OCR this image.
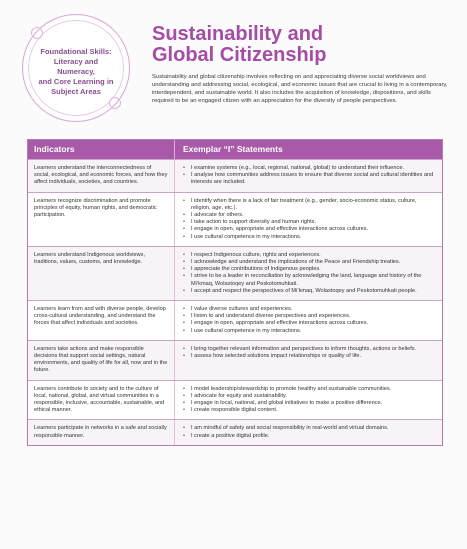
Foundational Skills:
Literacy and Numeracy,
and Core Learning in
Subject Areas
Sustainability and
Global Citizenship
Sustainability and global citizenship involves reflecting on and appreciating diverse social worldviews and understanding and addressing social, ecological, and economic issues that are crucial to living in a contemporary, interdependent, and sustainable world. It also includes the acquisition of knowledge, dispositions, and skills required to be an engaged citizen with an appreciation for the diversity of people perspectives.
Indicators	Exemplar “I” Statements
Learners understand the interconnectedness of social, ecological, and economic forces, and how they affect individuals, societies, and countries.
• I examine systems (e.g., local, regional, national, global) to understand their influence.
• I analyse how communities address issues to ensure that diverse social and cultural identities and interests are included.
Learners recognize discrimination and promote principles of equity, human rights, and democratic participation.
• I identify when there is a lack of fair treatment (e.g., gender, socio-economic status, culture, religion, age, etc.).
• I advocate for others.
• I take action to support diversity and human rights.
• I engage in open, appropriate and effective interactions across cultures.
• I use cultural competence in my interactions.
Learners understand Indigenous worldviews, traditions, values, customs, and knowledge.
• I respect Indigenous culture, rights and experiences.
• I acknowledge and understand the implications of the Peace and Friendship treaties.
• I appreciate the contributions of Indigenous peoples.
• I strive to be a leader in reconciliation by acknowledging the land, language and history of the Mi’kmaq, Wolastoqey and Peskotomuhkati.
• I accept and respect the perspectives of Mi’kmaq, Wolastoqey and Peskotomuhkati people.
Learners learn from and with diverse people, develop cross-cultural understanding, and understand the forces that affect individuals and societies.
• I value diverse cultures and experiences.
• I listen to and understand diverse perspectives and experiences.
• I engage in open, appropriate and effective interactions across cultures.
• I use cultural competence in my interactions.
Learners take actions and make responsible decisions that support social settings, natural environments, and quality of life for all, now and in the future.
• I bring together relevant information and perspectives to inform thoughts, actions or beliefs.
• I assess how selected solutions impact relationships or quality of life.
Learners contribute to society and to the culture of local, national, global, and virtual communities in a responsible, inclusive, accountable, sustainable, and ethical manner.
• I model leadership/stewardship to promote healthy and sustainable communities.
• I advocate for equity and sustainability.
• I engage in local, national, and global initiatives to make a positive difference.
• I create responsible digital content.
Learners participate in networks in a safe and socially responsible manner.
• I am mindful of safety and social responsibility in real-world and virtual domains.
• I create a positive digital profile.
